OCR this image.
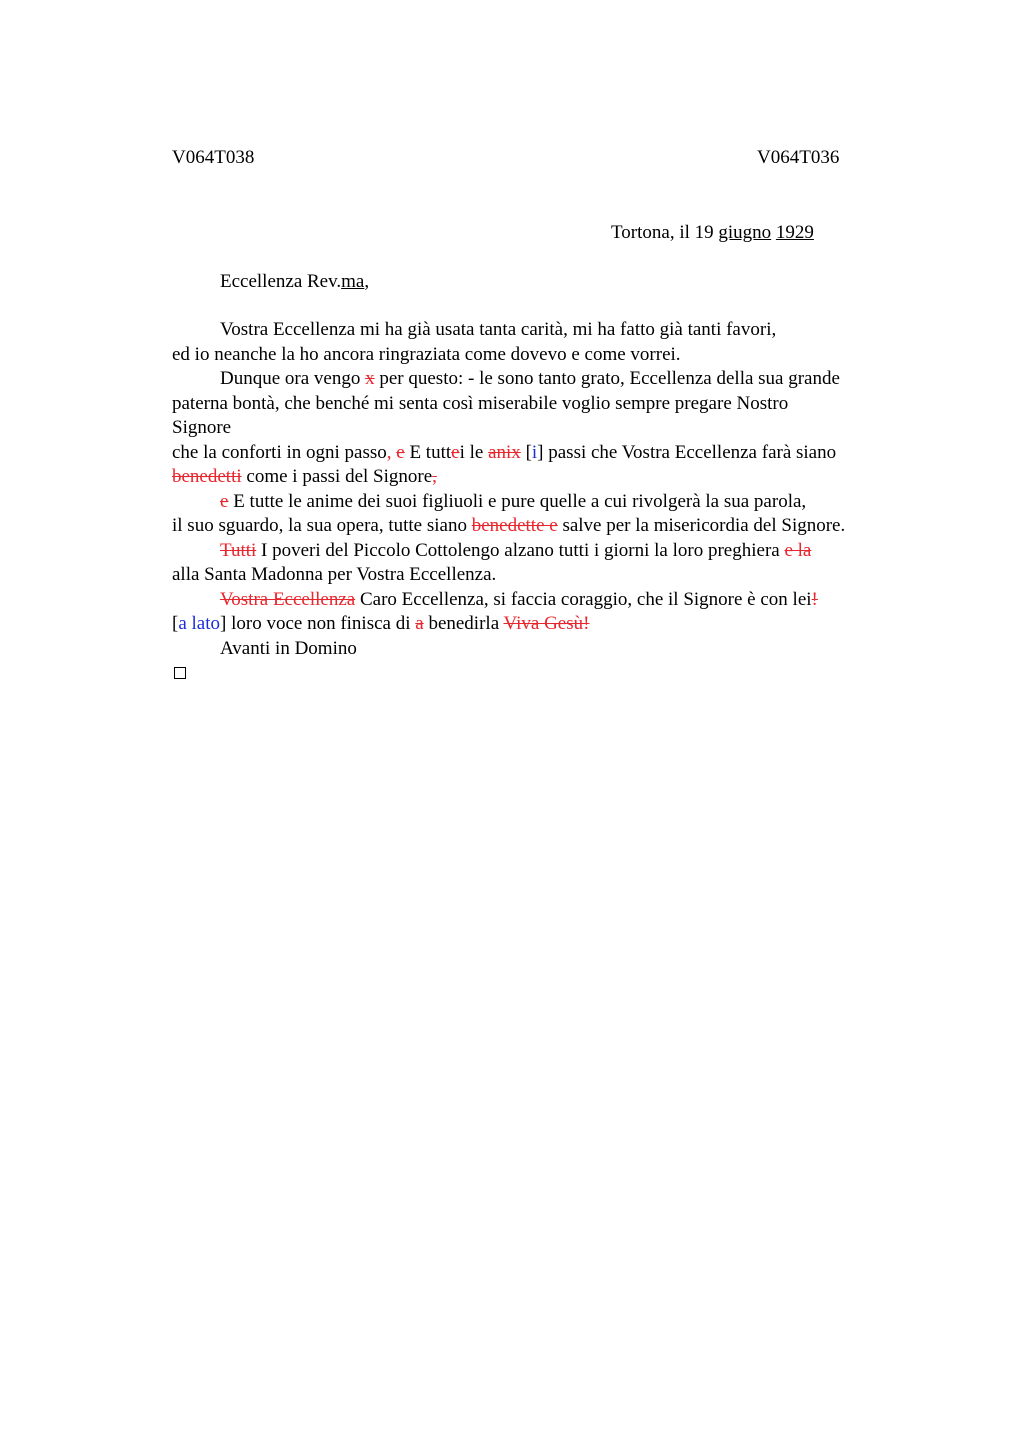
V064T038	V064T036
Tortona, il 19 giugno 1929
Eccellenza Rev.ma,
Vostra Eccellenza mi ha già usata tanta carità, mi ha fatto già tanti favori,
ed io neanche la ho ancora ringraziata come dovevo e come vorrei.
Dunque ora vengo x per questo: - le sono tanto grato, Eccellenza della sua grande
paterna bontà, che benché mi senta così miserabile voglio sempre pregare Nostro
Signore
che la conforti in ogni passo, e E tuttei le anix [i] passi che Vostra Eccellenza farà siano
benedetti come i passi del Signore,
e E tutte le anime dei suoi figliuoli e pure quelle a cui rivolgerà la sua parola,
il suo sguardo, la sua opera, tutte siano benedette e salve per la misericordia del Signore.
Tutti I poveri del Piccolo Cottolengo alzano tutti i giorni la loro preghiera e la
alla Santa Madonna per Vostra Eccellenza.
Vostra Eccellenza Caro Eccellenza, si faccia coraggio, che il Signore è con lei!
[a lato] loro voce non finisca di a benedirla Viva Gesù!
Avanti in Domino
